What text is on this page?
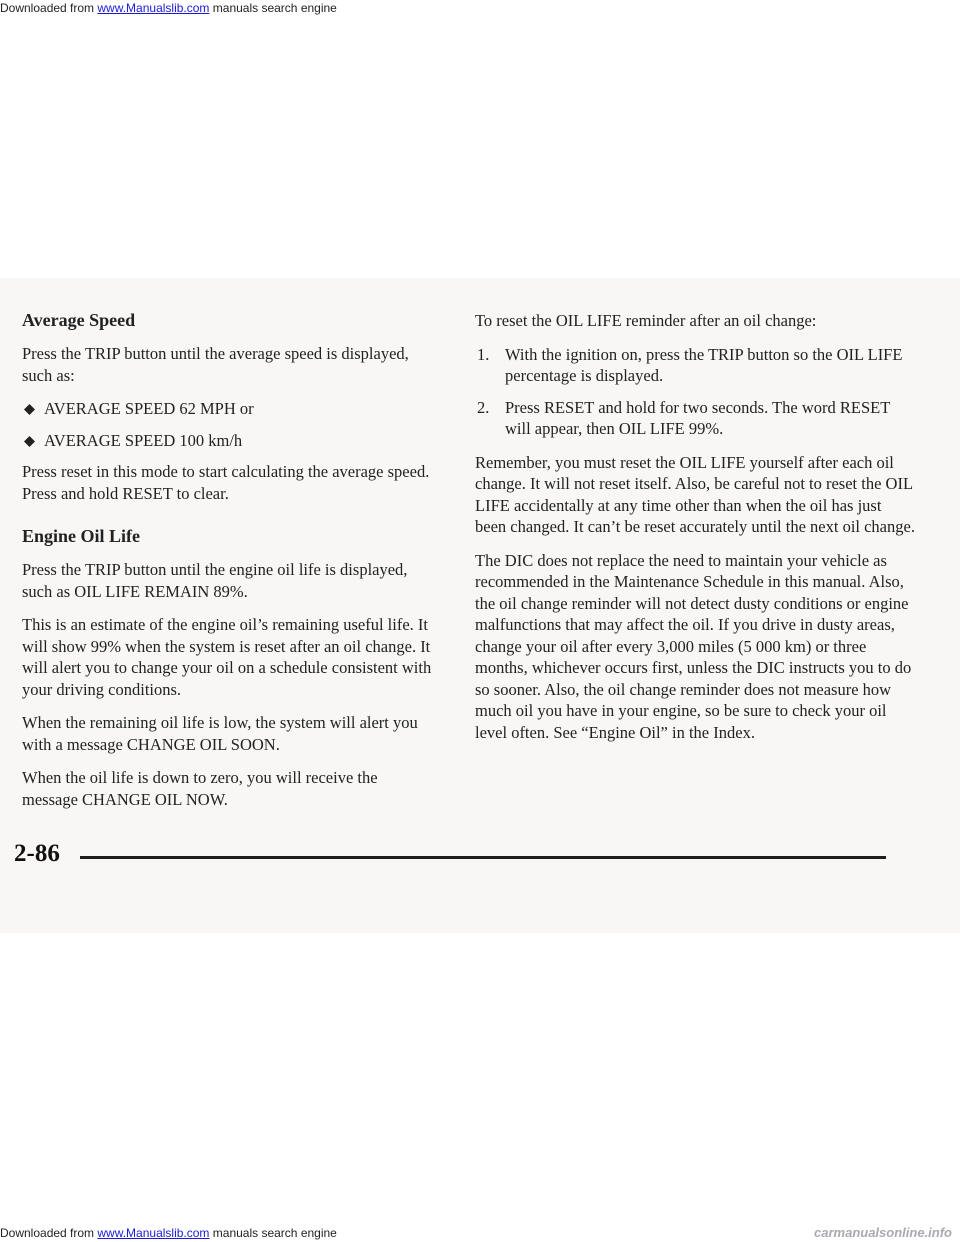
Downloaded from www.Manualslib.com manuals search engine
Average Speed

Press the TRIP button until the average speed is displayed, such as:

AVERAGE SPEED 62 MPH or
AVERAGE SPEED 100 km/h

Press reset in this mode to start calculating the average speed. Press and hold RESET to clear.

Engine Oil Life

Press the TRIP button until the engine oil life is displayed, such as OIL LIFE REMAIN 89%.

This is an estimate of the engine oil’s remaining useful life. It will show 99% when the system is reset after an oil change. It will alert you to change your oil on a schedule consistent with your driving conditions.

When the remaining oil life is low, the system will alert you with a message CHANGE OIL SOON.

When the oil life is down to zero, you will receive the message CHANGE OIL NOW.

To reset the OIL LIFE reminder after an oil change:

1. With the ignition on, press the TRIP button so the OIL LIFE percentage is displayed.
2. Press RESET and hold for two seconds. The word RESET will appear, then OIL LIFE 99%.

Remember, you must reset the OIL LIFE yourself after each oil change. It will not reset itself. Also, be careful not to reset the OIL LIFE accidentally at any time other than when the oil has just been changed. It can’t be reset accurately until the next oil change.

The DIC does not replace the need to maintain your vehicle as recommended in the Maintenance Schedule in this manual. Also, the oil change reminder will not detect dusty conditions or engine malfunctions that may affect the oil. If you drive in dusty areas, change your oil after every 3,000 miles (5 000 km) or three months, whichever occurs first, unless the DIC instructs you to do so sooner. Also, the oil change reminder does not measure how much oil you have in your engine, so be sure to check your oil level often. See “Engine Oil” in the Index.

2-86
Downloaded from www.Manualslib.com manuals search engine	carmanualsonline.info
